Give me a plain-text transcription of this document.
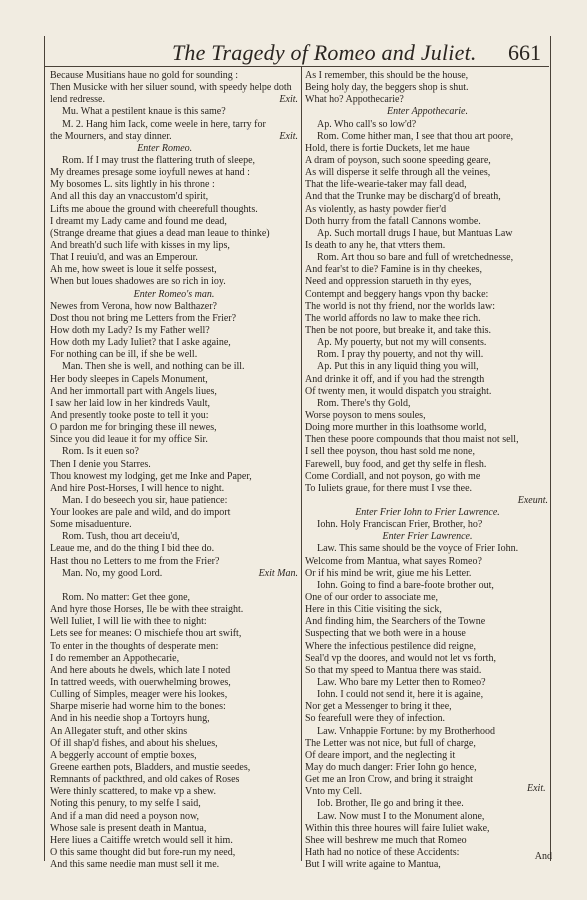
The Tragedy of Romeo and Juliet. 661
Because Musitians haue no gold for sounding :
Then Musicke with her siluer sound, with speedy helpe doth
lend redresse.	Exit.
Mu. What a pestilent knaue is this same?
M. 2. Hang him Iack, come weele in here, tarry for
the Mourners, and stay dinner.	Exit.
Enter Romeo.
Rom. If I may trust the flattering truth of sleepe,
My dreames presage some ioyfull newes at hand :
My bosomes L. sits lightly in his throne :
And all this day an vnaccustom'd spirit,
Lifts me aboue the ground with cheerefull thoughts.
I dreamt my Lady came and found me dead,
(Strange dreame that giues a dead man leaue to thinke)
And breath'd such life with kisses in my lips,
That I reuiu'd, and was an Emperour.
Ah me, how sweet is loue it selfe possest,
When but loues shadowes are so rich in ioy.
Enter Romeo's man.
Newes from Verona, how now Balthazer?
Dost thou not bring me Letters from the Frier?
How doth my Lady? Is my Father well?
How doth my Lady Iuliet? that I aske againe,
For nothing can be ill, if she be well.
Man. Then she is well, and nothing can be ill.
Her body sleepes in Capels Monument,
And her immortall part with Angels liues,
I saw her laid low in her kindreds Vault,
And presently tooke poste to tell it you:
O pardon me for bringing these ill newes,
Since you did leaue it for my office Sir.
Rom. Is it euen so?
Then I denie you Starres.
Thou knowest my lodging, get me Inke and Paper,
And hire Post-Horses, I will hence to night.
Man. I do beseech you sir, haue patience:
Your lookes are pale and wild, and do import
Some misaduenture.
Rom. Tush, thou art deceiu'd,
Leaue me, and do the thing I bid thee do.
Hast thou no Letters to me from the Frier?
Man. No, my good Lord.	Exit Man.
Rom. No matter: Get thee gone,
And hyre those Horses, Ile be with thee straight.
Well Iuliet, I will lie with thee to night:
Lets see for meanes: O mischiefe thou art swift,
To enter in the thoughts of desperate men:
I do remember an Appothecarie,
And here abouts he dwels, which late I noted
In tattred weeds, with ouerwhelming browes,
Culling of Simples, meager were his lookes,
Sharpe miserie had worne him to the bones:
And in his needie shop a Tortoyrs hung,
An Allegater stuft, and other skins
Of ill shap'd fishes, and about his shelues,
A beggerly account of emptie boxes,
Greene earthen pots, Bladders, and mustie seedes,
Remnants of packthred, and old cakes of Roses
Were thinly scattered, to make vp a shew.
Noting this penury, to my selfe I said,
And if a man did need a poyson now,
Whose sale is present death in Mantua,
Here liues a Caitiffe wretch would sell it him.
O this same thought did but fore-run my need,
And this same needie man must sell it me.
As I remember, this should be the house,
Being holy day, the beggers shop is shut.
What ho? Appothecarie?
Enter Appothecarie.
Ap. Who call's so low'd?
Rom. Come hither man, I see that thou art poore,
Hold, there is fortie Duckets, let me haue
A dram of poyson, such soone speeding geare,
As will disperse it selfe through all the veines,
That the life-wearie-taker may fall dead,
And that the Trunke may be discharg'd of breath,
As violently, as hasty powder fier'd
Doth hurry from the fatall Cannons wombe.
Ap. Such mortall drugs I haue, but Mantuas Law
Is death to any he, that vtters them.
Rom. Art thou so bare and full of wretchednesse,
And fear'st to die? Famine is in thy cheekes,
Need and oppression starueth in thy eyes,
Contempt and beggery hangs vpon thy backe:
The world is not thy friend, nor the worlds law:
The world affords no law to make thee rich.
Then be not poore, but breake it, and take this.
Ap. My pouerty, but not my will consents.
Rom. I pray thy pouerty, and not thy will.
Ap. Put this in any liquid thing you will,
And drinke it off, and if you had the strength
Of twenty men, it would dispatch you straight.
Rom. There's thy Gold,
Worse poyson to mens soules,
Doing more murther in this loathsome world,
Then these poore compounds that thou maist not sell,
I sell thee poyson, thou hast sold me none,
Farewell, buy food, and get thy selfe in flesh.
Come Cordiall, and not poyson, go with me
To Iuliets graue, for there must I vse thee.
Exeunt.
Enter Frier Iohn to Frier Lawrence.
Iohn. Holy Franciscan Frier, Brother, ho?
Enter Frier Lawrence.
Law. This same should be the voyce of Frier Iohn.
Welcome from Mantua, what sayes Romeo?
Or if his mind be writ, giue me his Letter.
Iohn. Going to find a bare-foote brother out,
One of our order to associate me,
Here in this Citie visiting the sick,
And finding him, the Searchers of the Towne
Suspecting that we both were in a house
Where the infectious pestilence did reigne,
Seal'd vp the doores, and would not let vs forth,
So that my speed to Mantua there was staid.
Law. Who bare my Letter then to Romeo?
Iohn. I could not send it, here it is againe,
Nor get a Messenger to bring it thee,
So fearefull were they of infection.
Law. Vnhappie Fortune: by my Brotherhood
The Letter was not nice, but full of charge,
Of deare import, and the neglecting it
May do much danger: Frier Iohn go hence,
Get me an Iron Crow, and bring it straight
Vnto my Cell.
Iob. Brother, Ile go and bring it thee.
Law. Now must I to the Monument alone,
Within this three houres will faire Iuliet wake,
Shee will beshrew me much that Romeo
Hath had no notice of these Accidents:
But I will write againe to Mantua,
Exit.
And
